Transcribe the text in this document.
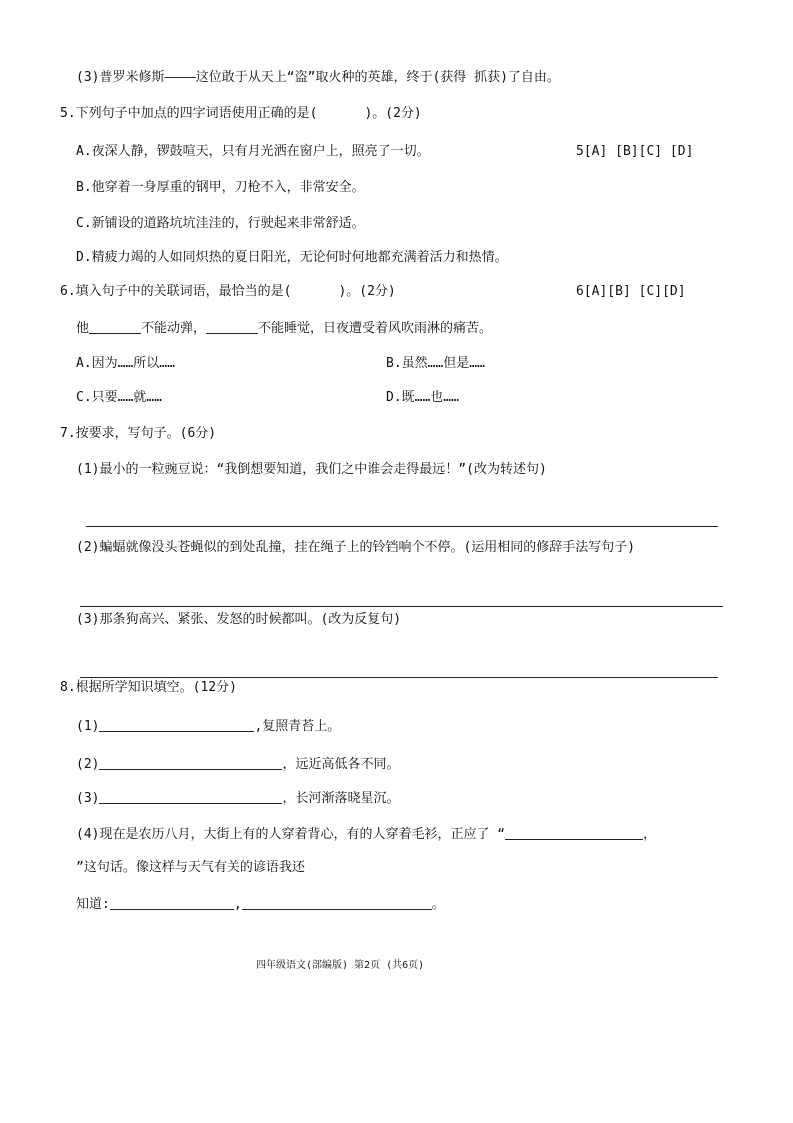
(3)普罗米修斯————这位敢于从天上“盗”取火种的英雄，终于(获得 抓获)了自由。
5.下列句子中加点的四字词语使用正确的是(      )。(2分)
A.夜深人静，锣鼓喧天，只有月光洒在窗户上，照亮了一切。	5[A] [B][C] [D]
B.他穿着一身厚重的钢甲，刀枪不入，非常安全。
C.新铺设的道路坑坑洼洼的，行驶起来非常舒适。
D.精疲力竭的人如同炽热的夏日阳光，无论何时何地都充满着活力和热情。
6.填入句子中的关联词语，最恰当的是(      )。(2分)	6[A][B] [C][D]
他	不能动弹，	不能睡觉，日夜遭受着风吹雨淋的痛苦。
A.因为……所以……	B.虽然……但是……
C.只要……就……	D.既……也……
7.按要求，写句子。(6分)
(1)最小的一粒豌豆说：“我倒想要知道，我们之中谁会走得最远！”(改为转述句)
(2)蝙蝠就像没头苍蝇似的到处乱撞，挂在绳子上的铃铛响个不停。(运用相同的修辞手法写句子)
(3)那条狗高兴、紧张、发怒的时候都叫。(改为反复句)
8.根据所学知识填空。(12分)
(1)	,复照青苔上。
(2)	，远近高低各不同。
(3)	，长河渐落晓星沉。
(4)现在是农历八月，大街上有的人穿着背心，有的人穿着毛衫，正应了 “	，
”这句话。像这样与天气有关的谚语我还
知道:	,	。
四年级语文(部编版) 第2页 (共6页)
